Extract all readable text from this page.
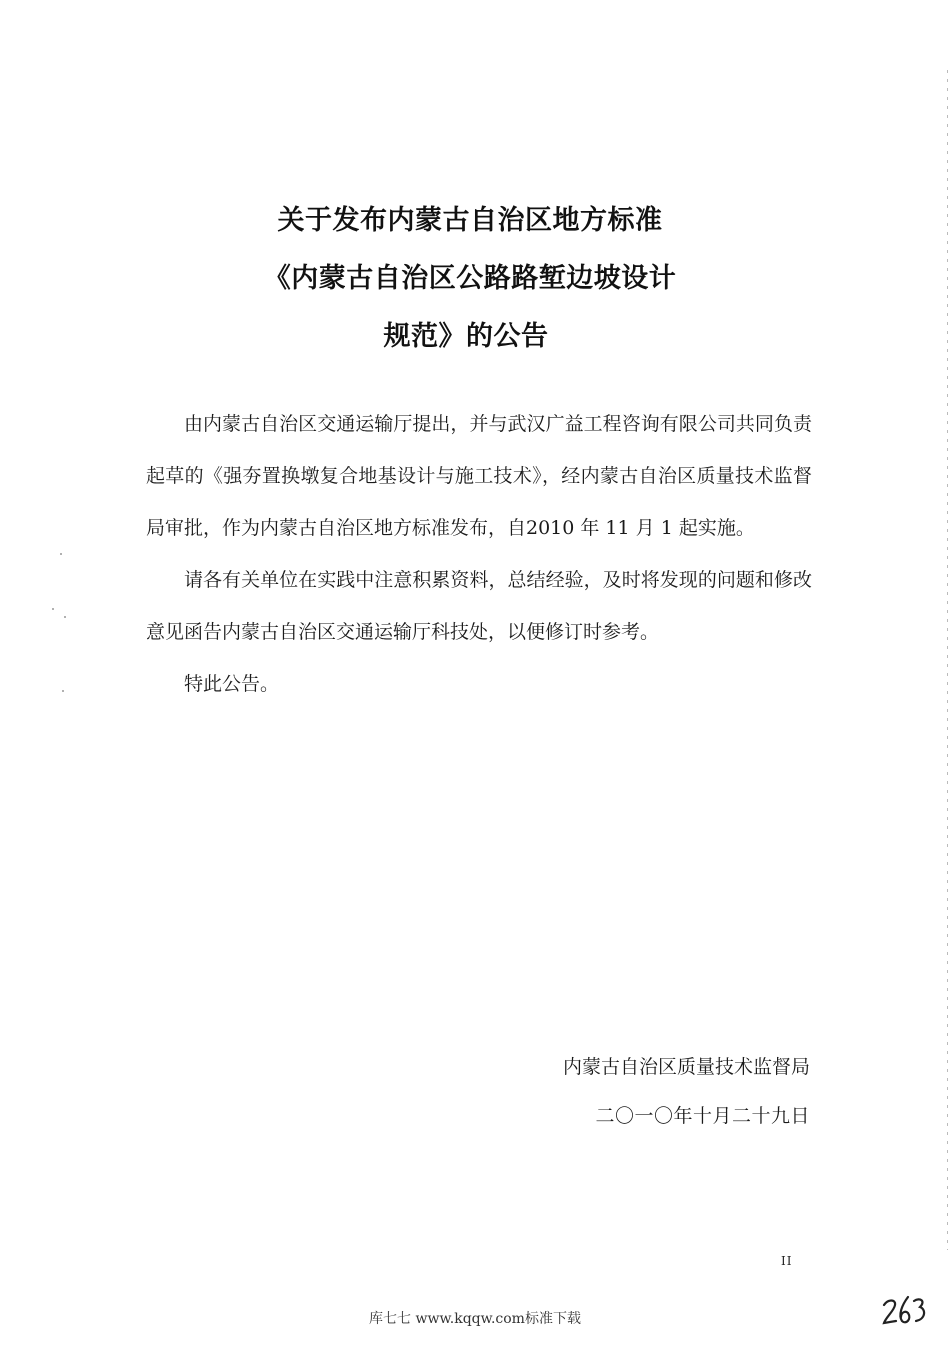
关于发布内蒙古自治区地方标准
《内蒙古自治区公路路堑边坡设计
规范》的公告

由内蒙古自治区交通运输厅提出，并与武汉广益工程咨询有限公司共同负责起草的《强夯置换墩复合地基设计与施工技术》，经内蒙古自治区质量技术监督局审批，作为内蒙古自治区地方标准发布，自2010 年 11 月 1 起实施。

请各有关单位在实践中注意积累资料，总结经验，及时将发现的问题和修改意见函告内蒙古自治区交通运输厅科技处，以便修订时参考。

特此公告。

内蒙古自治区质量技术监督局
二〇一〇年十月二十九日
II
库七七 www.kqqw.com标准下载
